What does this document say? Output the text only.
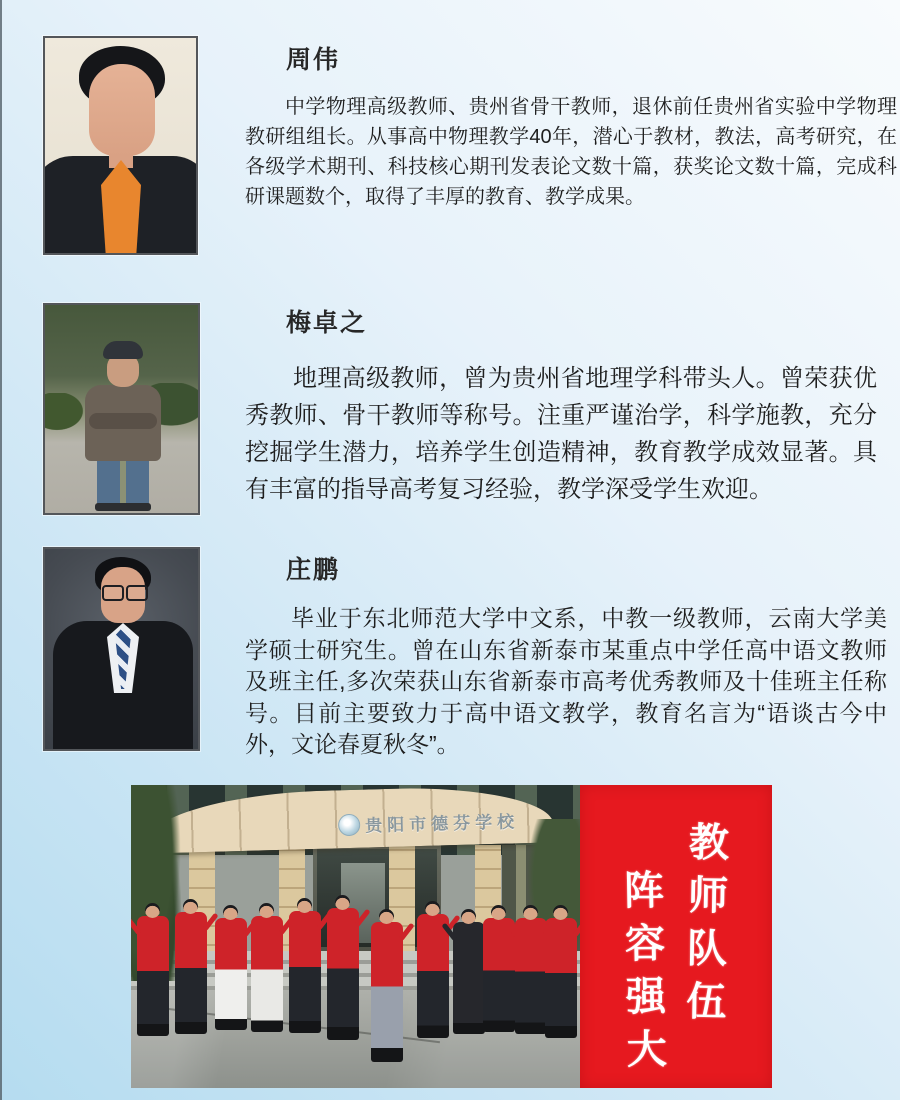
周伟
中学物理高级教师、贵州省骨干教师，退休前任贵州省实验中学物理教研组组长。从事高中物理教学40年，潜心于教材，教法，高考研究，在各级学术期刊、科技核心期刊发表论文数十篇，获奖论文数十篇，完成科研课题数个，取得了丰厚的教育、教学成果。
梅卓之
地理高级教师，曾为贵州省地理学科带头人。曾荣获优秀教师、骨干教师等称号。注重严谨治学，科学施教，充分挖掘学生潜力，培养学生创造精神，教育教学成效显著。具有丰富的指导高考复习经验，教学深受学生欢迎。
庄鹏
毕业于东北师范大学中文系，中教一级教师，云南大学美学硕士研究生。曾在山东省新泰市某重点中学任高中语文教师及班主任,多次荣获山东省新泰市高考优秀教师及十佳班主任称号。目前主要致力于高中语文教学，教育名言为“语谈古今中外，文论春夏秋冬”。
贵阳市德芬学校	教师队伍
阵容强大
